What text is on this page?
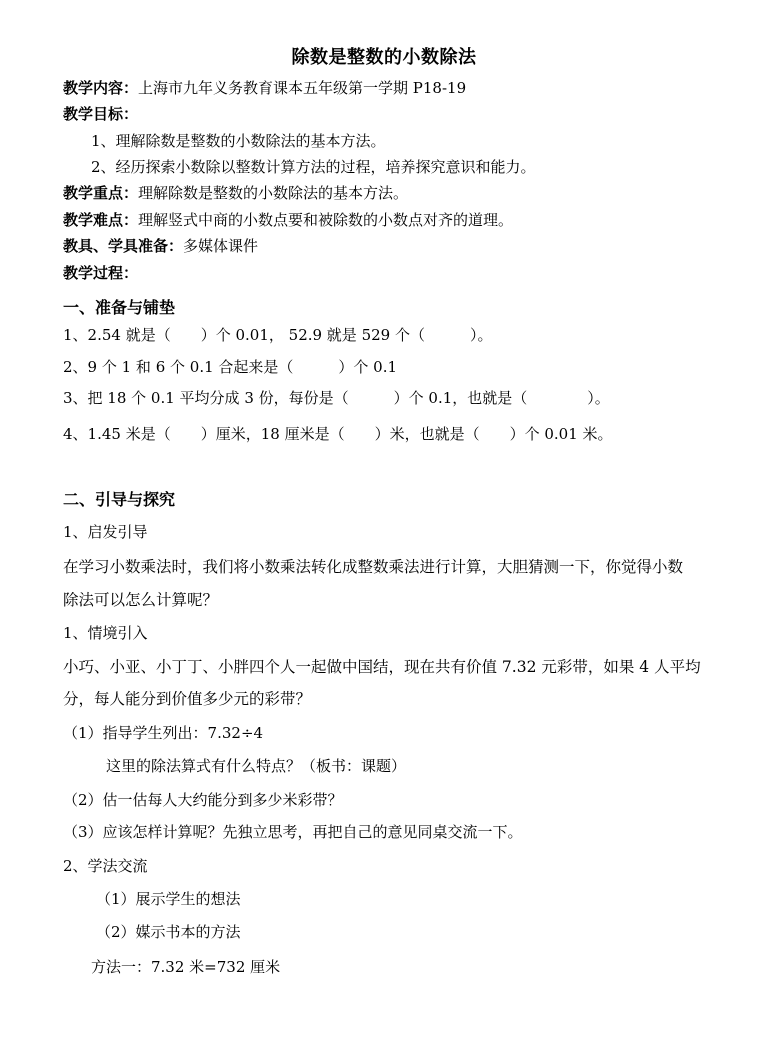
除数是整数的小数除法
教学内容：上海市九年义务教育课本五年级第一学期 P18-19
教学目标：
1、理解除数是整数的小数除法的基本方法。
2、经历探索小数除以整数计算方法的过程，培养探究意识和能力。
教学重点：理解除数是整数的小数除法的基本方法。
教学难点：理解竖式中商的小数点要和被除数的小数点对齐的道理。
教具、学具准备：多媒体课件
教学过程：
一、准备与铺垫
1、2.54 就是（　　）个 0.01， 52.9 就是 529 个（　　　）。
2、9 个 1 和 6 个 0.1 合起来是（　　　）个 0.1
3、把 18 个 0.1 平均分成 3 份，每份是（　　　）个 0.1，也就是（　　　　）。
4、1.45 米是（　　）厘米，18 厘米是（　　）米，也就是（　　）个 0.01 米。
二、引导与探究
1、启发引导
在学习小数乘法时，我们将小数乘法转化成整数乘法进行计算，大胆猜测一下，你觉得小数
除法可以怎么计算呢？
1、情境引入
小巧、小亚、小丁丁、小胖四个人一起做中国结，现在共有价值 7.32 元彩带，如果 4 人平均
分，每人能分到价值多少元的彩带？
（1）指导学生列出：7.32÷4
这里的除法算式有什么特点？（板书：课题）
（2）估一估每人大约能分到多少米彩带？
（3）应该怎样计算呢？先独立思考，再把自己的意见同桌交流一下。
2、学法交流
（1）展示学生的想法
（2）媒示书本的方法
方法一：7.32 米=732 厘米
